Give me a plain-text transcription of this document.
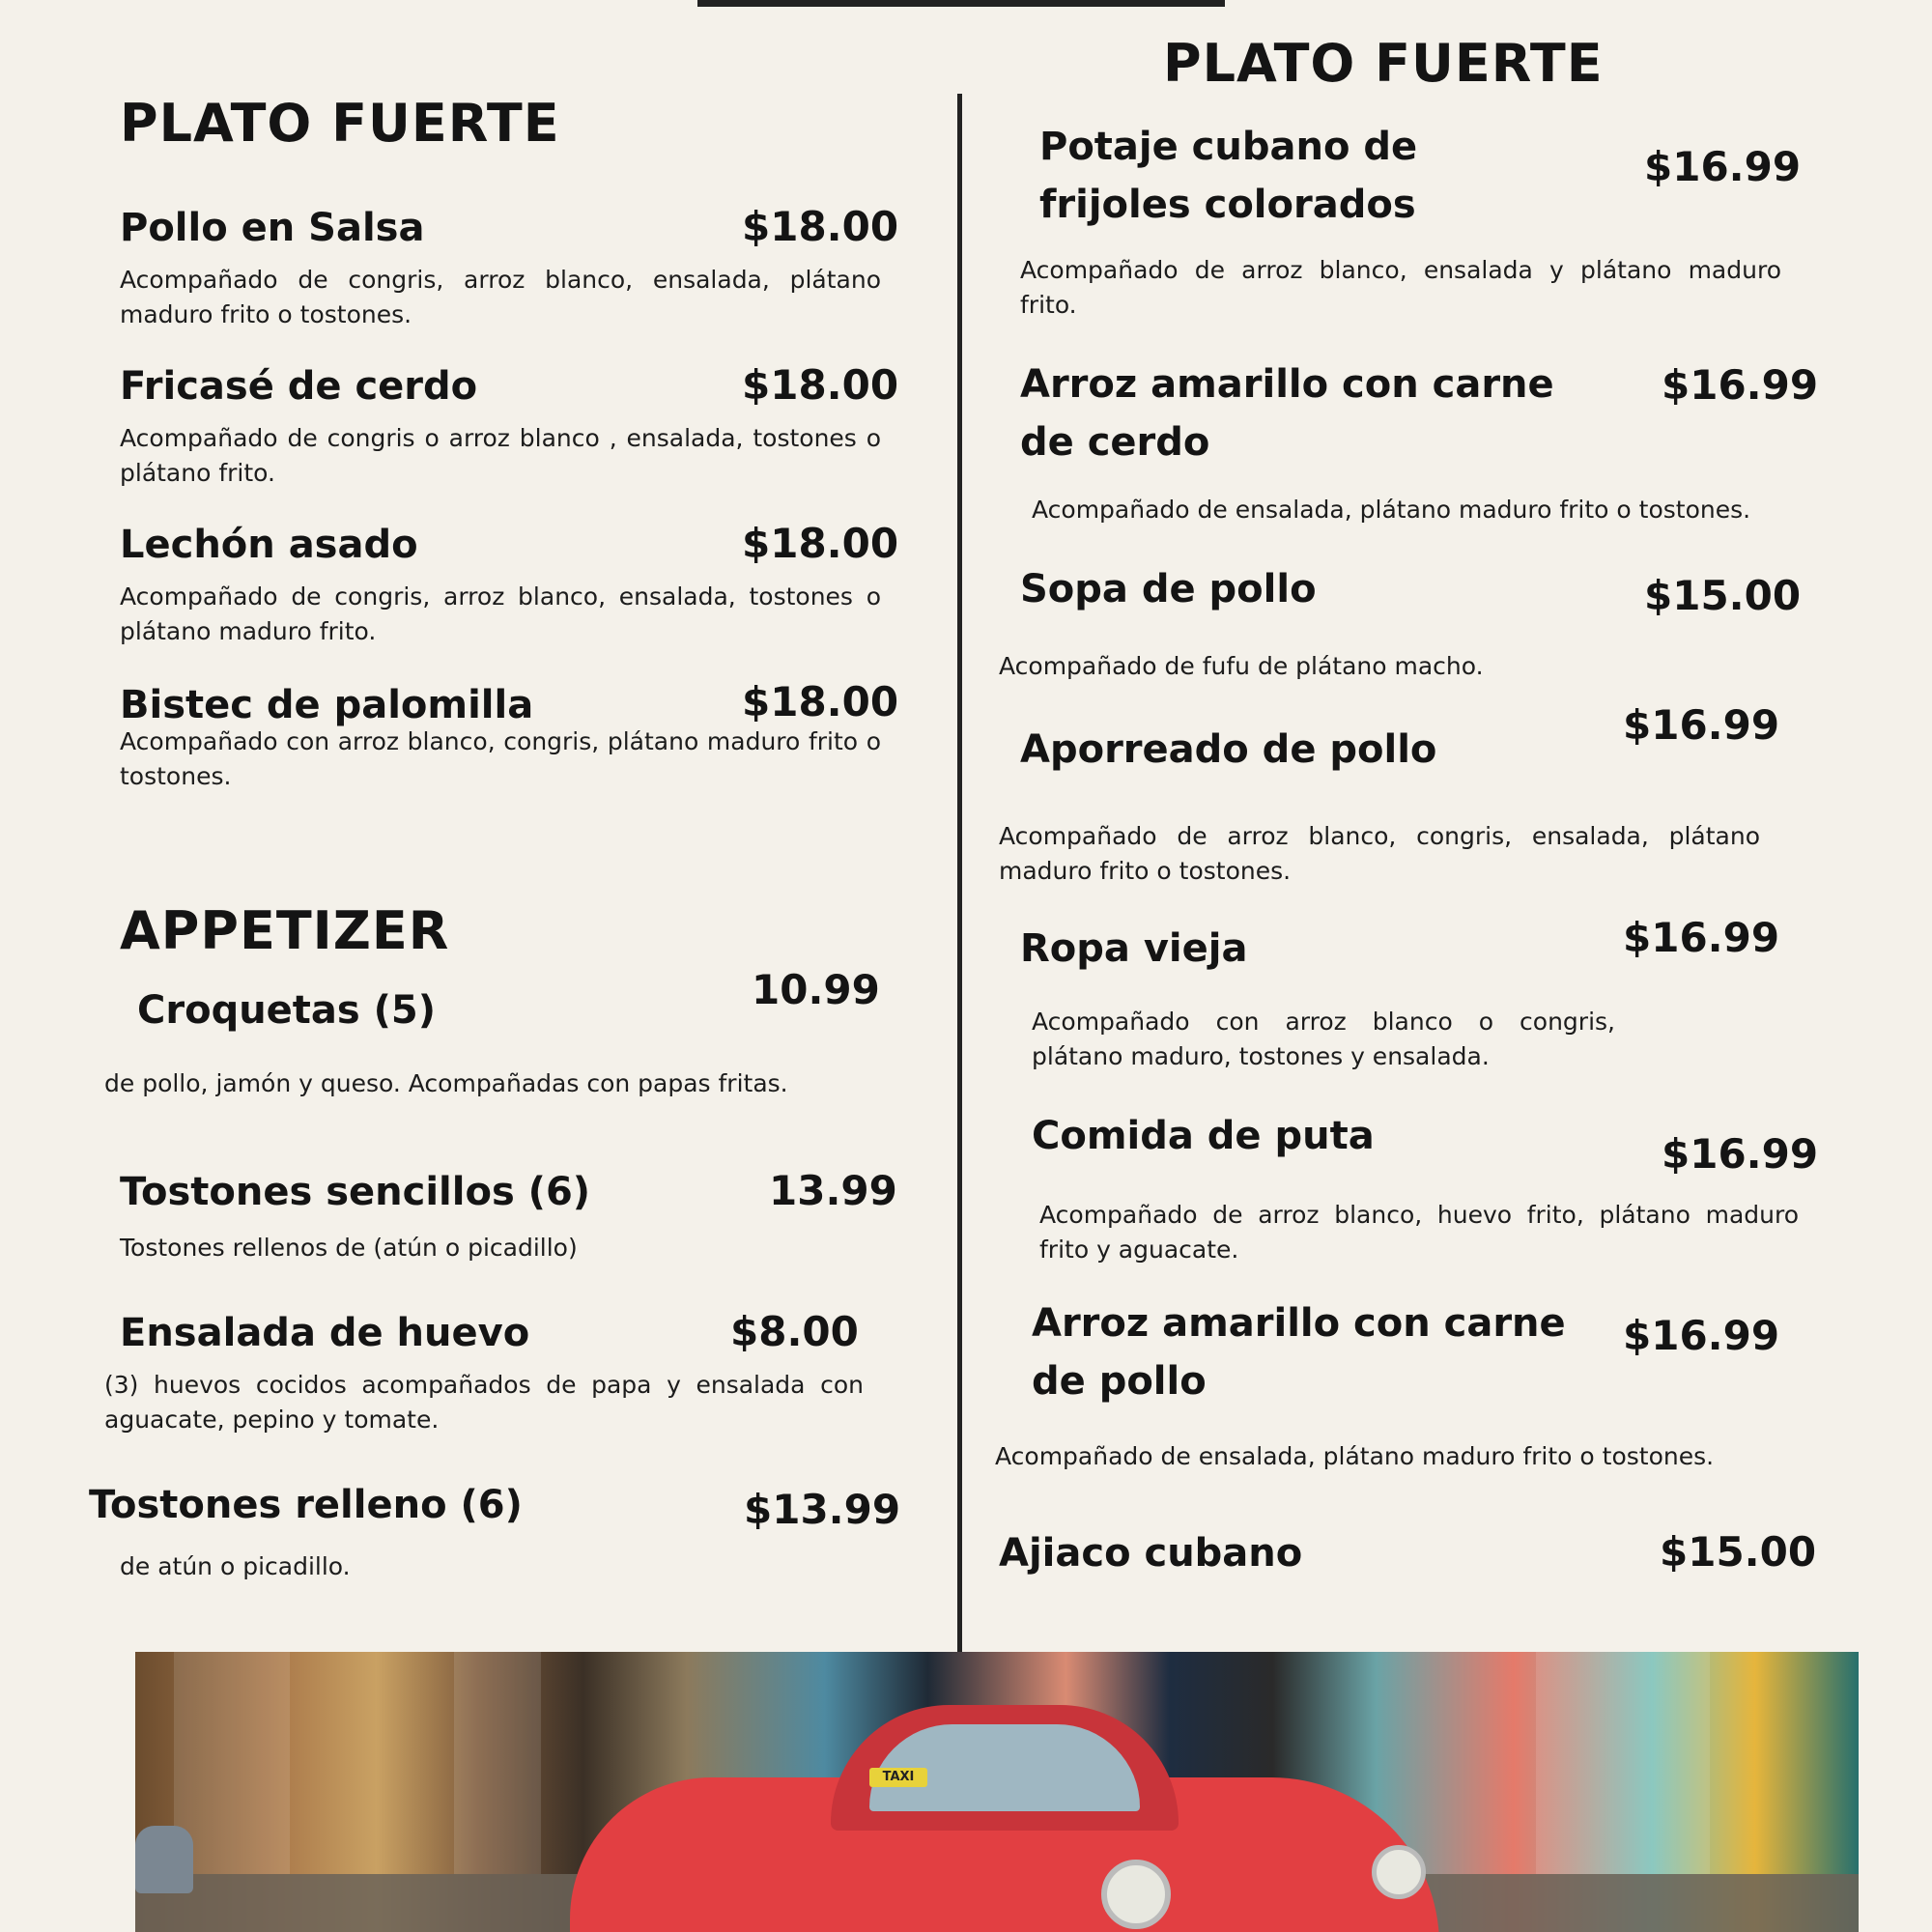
PLATO FUERTE
Pollo en Salsa	$18.00

Acompañado de congris, arroz blanco, ensalada, plátano maduro frito o tostones.

Fricasé de cerdo	$18.00

Acompañado de congris o arroz blanco , ensalada, tostones o plátano frito.

Lechón asado	$18.00

Acompañado de congris, arroz blanco, ensalada, tostones o plátano maduro frito.

Bistec de palomilla	$18.00

Acompañado con arroz blanco, congris, plátano maduro frito o tostones.

APPETIZER
Croquetas (5)	10.99

de pollo, jamón y queso. Acompañadas con papas fritas.

Tostones sencillos (6)	13.99

Tostones rellenos de (atún o picadillo)

Ensalada de huevo	$8.00

(3) huevos cocidos acompañados de papa y ensalada con aguacate, pepino y tomate.

Tostones relleno (6)	$13.99

de atún o picadillo.

PLATO FUERTE
Potaje cubano de frijoles colorados
$16.99

Acompañado de arroz blanco, ensalada y plátano maduro frito.

Arroz amarillo con carne de cerdo
$16.99

Acompañado de ensalada, plátano maduro frito o tostones.

Sopa de pollo	$15.00

Acompañado de fufu de plátano macho.

Aporreado de pollo
$16.99

Acompañado de arroz blanco, congris, ensalada, plátano maduro frito o tostones.

Ropa vieja	$16.99

Acompañado con arroz blanco o congris, plátano maduro, tostones y ensalada.

Comida de puta	$16.99

Acompañado de arroz blanco, huevo frito, plátano maduro frito y aguacate.

Arroz amarillo con carne de pollo
$16.99

Acompañado de ensalada, plátano maduro frito o tostones.

Ajiaco cubano	$15.00
TAXI
